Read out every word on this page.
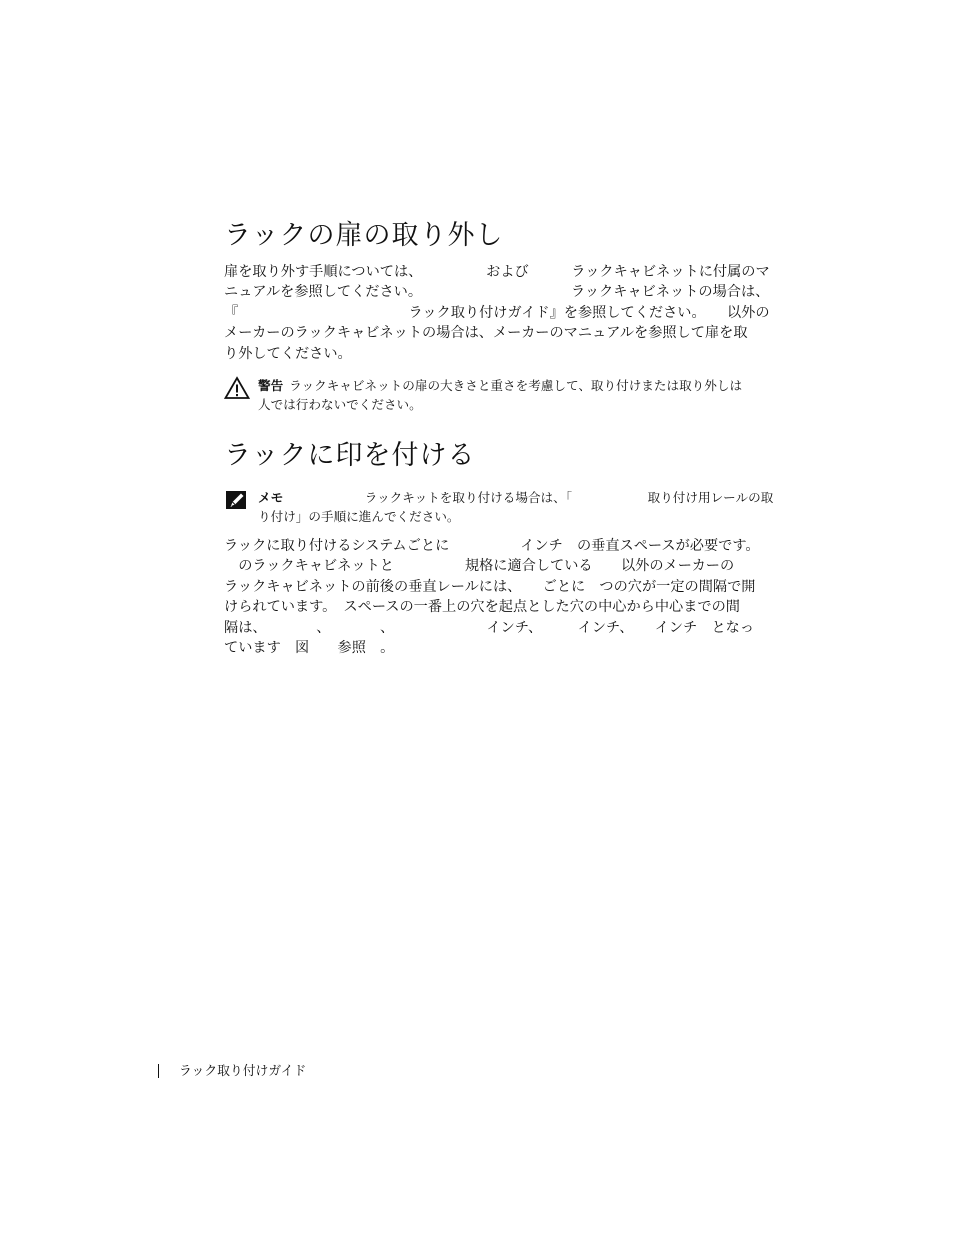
ラックの扉の取り外し
扉を取り外す手順については、　　　　　および　　　ラックキャビネットに付属のマ
ニュアルを参照してください。　　　　　　　　　　　ラックキャビネットの場合は、
『　　　　　　　　　　　　ラック取り付けガイド』を参照してください。　　以外の
メーカーのラックキャビネットの場合は、メーカーのマニュアルを参照して扉を取
り外してください。
警告 ラックキャビネットの扉の大きさと重さを考慮して、取り付けまたは取り外しは
人では行わないでください。
ラックに印を付ける
メモ　　　　　　ラックキットを取り付ける場合は、「　　　　　　取り付け用レールの取
り付け」の手順に進んでください。
ラックに取り付けるシステムごとに　　　　　インチ　の垂直スペースが必要です。
　のラックキャビネットと　　　　　規格に適合している　　以外のメーカーの
ラックキャビネットの前後の垂直レールには、　　ごとに　つの穴が一定の間隔で開
けられています。　スペースの一番上の穴を起点とした穴の中心から中心までの間
隔は、　　　　、　　　　、　　　　　　　インチ、　　　インチ、　　インチ　となっ
ています　図　　参照　。
ラック取り付けガイド
